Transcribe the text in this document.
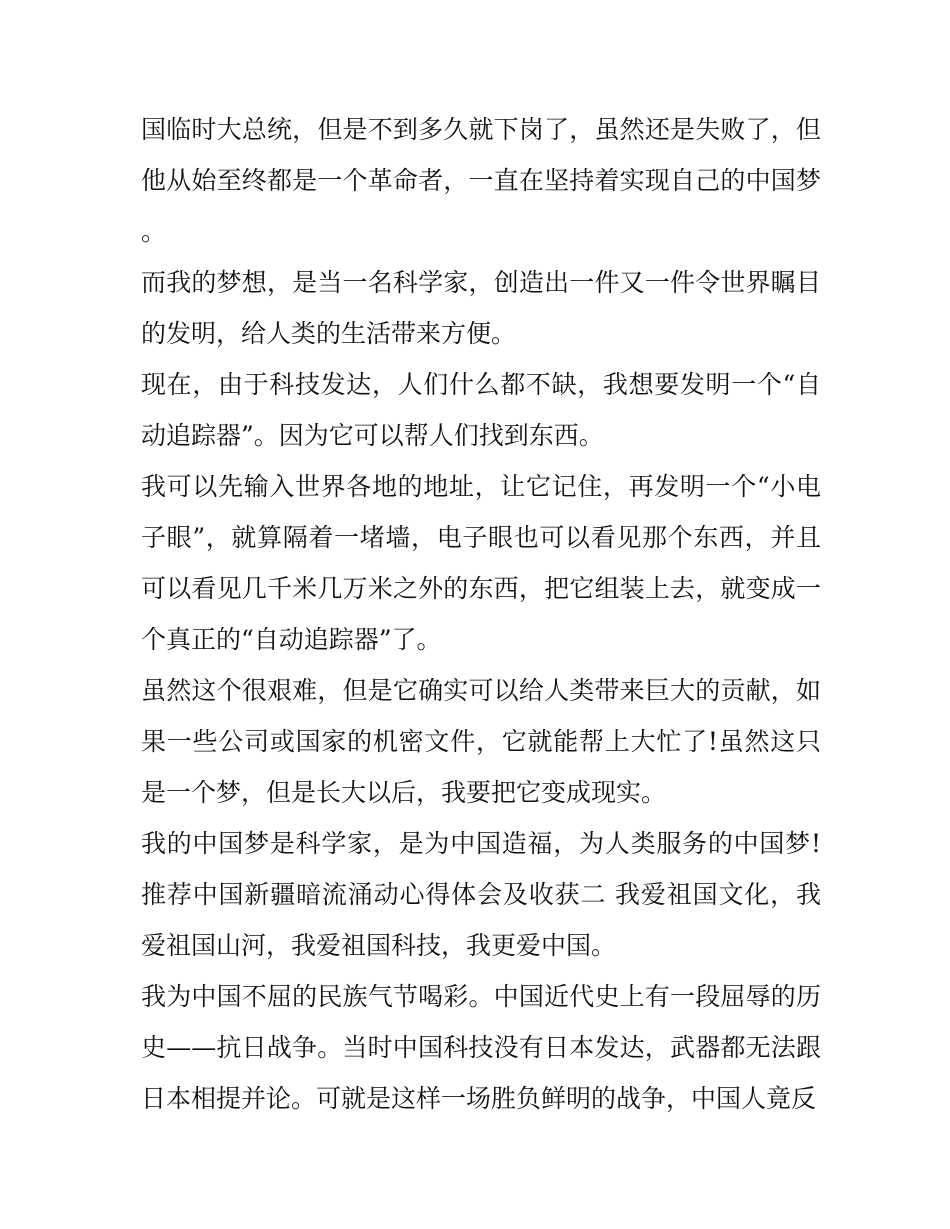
国临时大总统，但是不到多久就下岗了，虽然还是失败了，但他从始至终都是一个革命者，一直在坚持着实现自己的中国梦。

而我的梦想，是当一名科学家，创造出一件又一件令世界瞩目的发明，给人类的生活带来方便。

现在，由于科技发达，人们什么都不缺，我想要发明一个“自动追踪器”。因为它可以帮人们找到东西。

我可以先输入世界各地的地址，让它记住，再发明一个“小电子眼”，就算隔着一堵墙，电子眼也可以看见那个东西，并且可以看见几千米几万米之外的东西，把它组装上去，就变成一个真正的“自动追踪器”了。

虽然这个很艰难，但是它确实可以给人类带来巨大的贡献，如果一些公司或国家的机密文件，它就能帮上大忙了!虽然这只是一个梦，但是长大以后，我要把它变成现实。

我的中国梦是科学家，是为中国造福，为人类服务的中国梦!推荐中国新疆暗流涌动心得体会及收获二 我爱祖国文化，我爱祖国山河，我爱祖国科技，我更爱中国。

我为中国不屈的民族气节喝彩。中国近代史上有一段屈辱的历史——抗日战争。当时中国科技没有日本发达，武器都无法跟日本相提并论。可就是这样一场胜负鲜明的战争，中国人竟反
